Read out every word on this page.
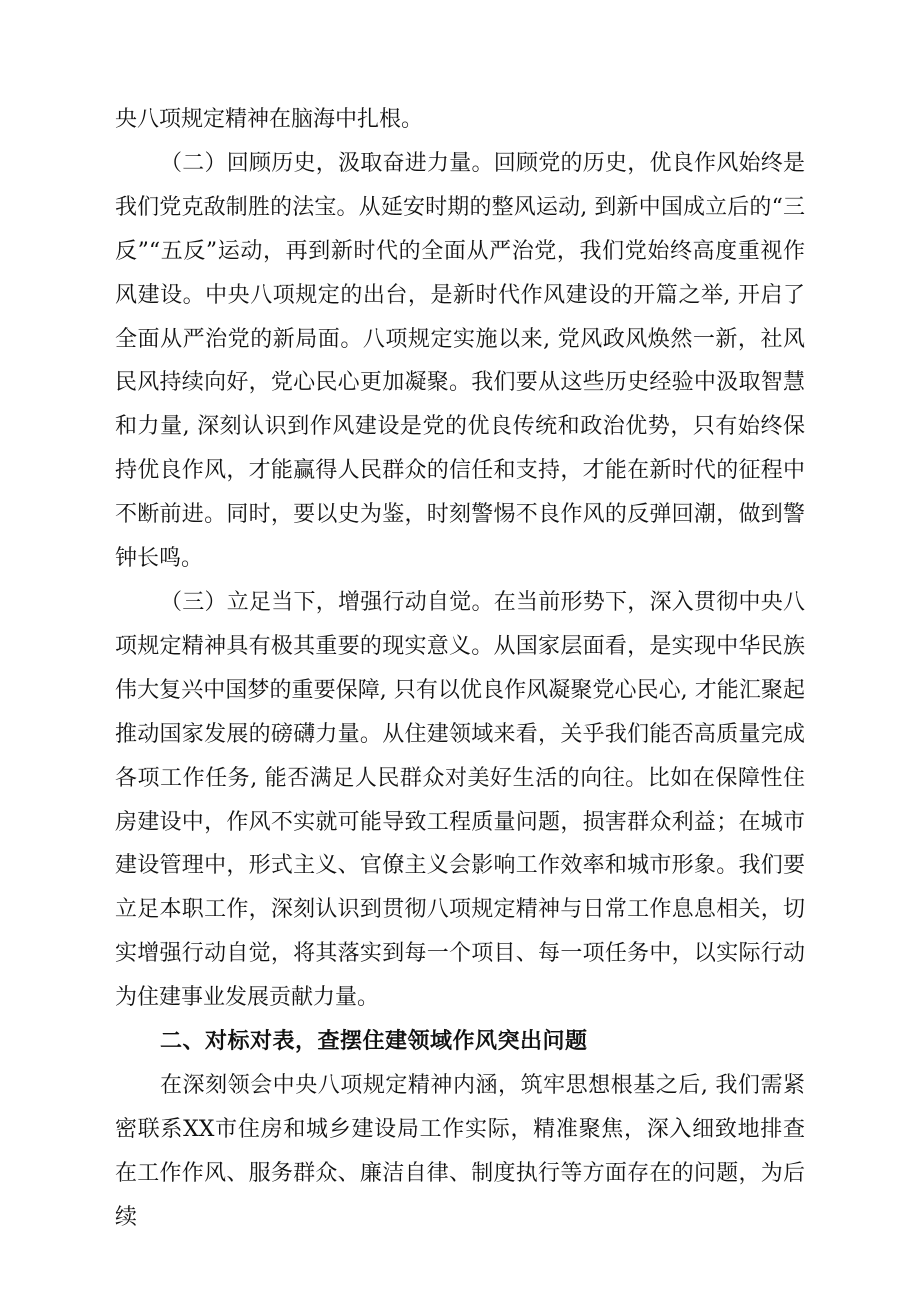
央八项规定精神在脑海中扎根。

（二）回顾历史，汲取奋进力量。回顾党的历史，优良作风始终是我们党克敌制胜的法宝。从延安时期的整风运动, 到新中国成立后的“三反”“五反”运动，再到新时代的全面从严治党，我们党始终高度重视作风建设。中央八项规定的出台，是新时代作风建设的开篇之举, 开启了全面从严治党的新局面。八项规定实施以来, 党风政风焕然一新，社风民风持续向好，党心民心更加凝聚。我们要从这些历史经验中汲取智慧和力量, 深刻认识到作风建设是党的优良传统和政治优势，只有始终保持优良作风，才能赢得人民群众的信任和支持，才能在新时代的征程中不断前进。同时，要以史为鉴，时刻警惕不良作风的反弹回潮，做到警钟长鸣。

（三）立足当下，增强行动自觉。在当前形势下，深入贯彻中央八项规定精神具有极其重要的现实意义。从国家层面看，是实现中华民族伟大复兴中国梦的重要保障, 只有以优良作风凝聚党心民心, 才能汇聚起推动国家发展的磅礴力量。从住建领域来看，关乎我们能否高质量完成各项工作任务, 能否满足人民群众对美好生活的向往。比如在保障性住房建设中，作风不实就可能导致工程质量问题，损害群众利益；在城市建设管理中，形式主义、官僚主义会影响工作效率和城市形象。我们要立足本职工作，深刻认识到贯彻八项规定精神与日常工作息息相关，切实增强行动自觉，将其落实到每一个项目、每一项任务中，以实际行动为住建事业发展贡献力量。

二、对标对表，查摆住建领域作风突出问题

在深刻领会中央八项规定精神内涵，筑牢思想根基之后, 我们需紧密联系XX市住房和城乡建设局工作实际，精准聚焦，深入细致地排查在工作作风、服务群众、廉洁自律、制度执行等方面存在的问题，为后续
